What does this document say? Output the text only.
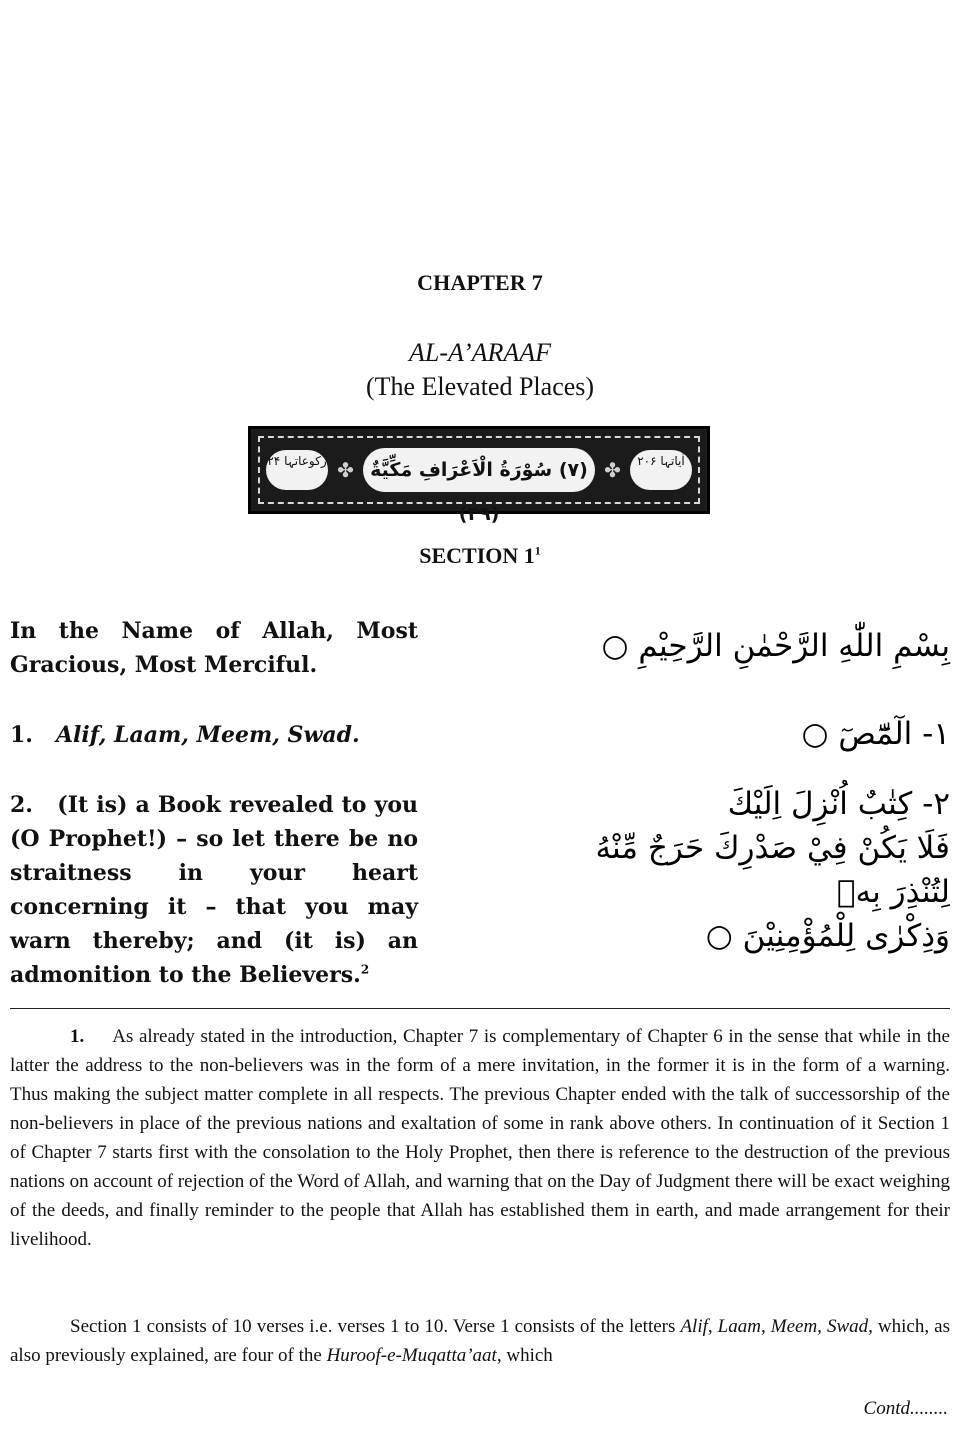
CHAPTER 7
AL-A’ARAAF
(The Elevated Places)
رکوعاتہا ۲۴ ✤ (۷) سُوْرَةُ الْاَعْرَافِ مَكِّيَّةٌ (۳۹)
✤	اٰیاتہا ۲۰۶
SECTION $1^1$
In the Name of Allah, Most Gracious, Most Merciful.
بِسْمِ اللّٰهِ الرَّحْمٰنِ الرَّحِيْمِ ○
1. Alif, Laam, Meem, Swad.	۱- الٓمّٓصٓ ○
2. (It is) a Book revealed to you (O Prophet!) – so let there be no straitness in your heart concerning it – that you may warn thereby; and (it is) an admonition to the Believers.$^2$
۲- كِتٰبٌ اُنْزِلَ اِلَيْكَ
فَلَا يَكُنْ فِيْ صَدْرِكَ حَرَجٌ مِّنْهُ
لِتُنْذِرَ بِهٖ
وَذِكْرٰى لِلْمُؤْمِنِيْنَ ○
1. As already stated in the introduction, Chapter 7 is complementary of Chapter 6 in the sense that while in the latter the address to the non-believers was in the form of a mere invitation, in the former it is in the form of a warning. Thus making the subject matter complete in all respects. The previous Chapter ended with the talk of successorship of the non-believers in place of the previous nations and exaltation of some in rank above others. In continuation of it Section 1 of Chapter 7 starts first with the consolation to the Holy Prophet, then there is reference to the destruction of the previous nations on account of rejection of the Word of Allah, and warning that on the Day of Judgment there will be exact weighing of the deeds, and finally reminder to the people that Allah has established them in earth, and made arrangement for their livelihood.
Section 1 consists of 10 verses i.e. verses 1 to 10. Verse 1 consists of the letters Alif, Laam, Meem, Swad, which, as also previously explained, are four of the Huroof-e-Muqatta’aat, which
Contd........
